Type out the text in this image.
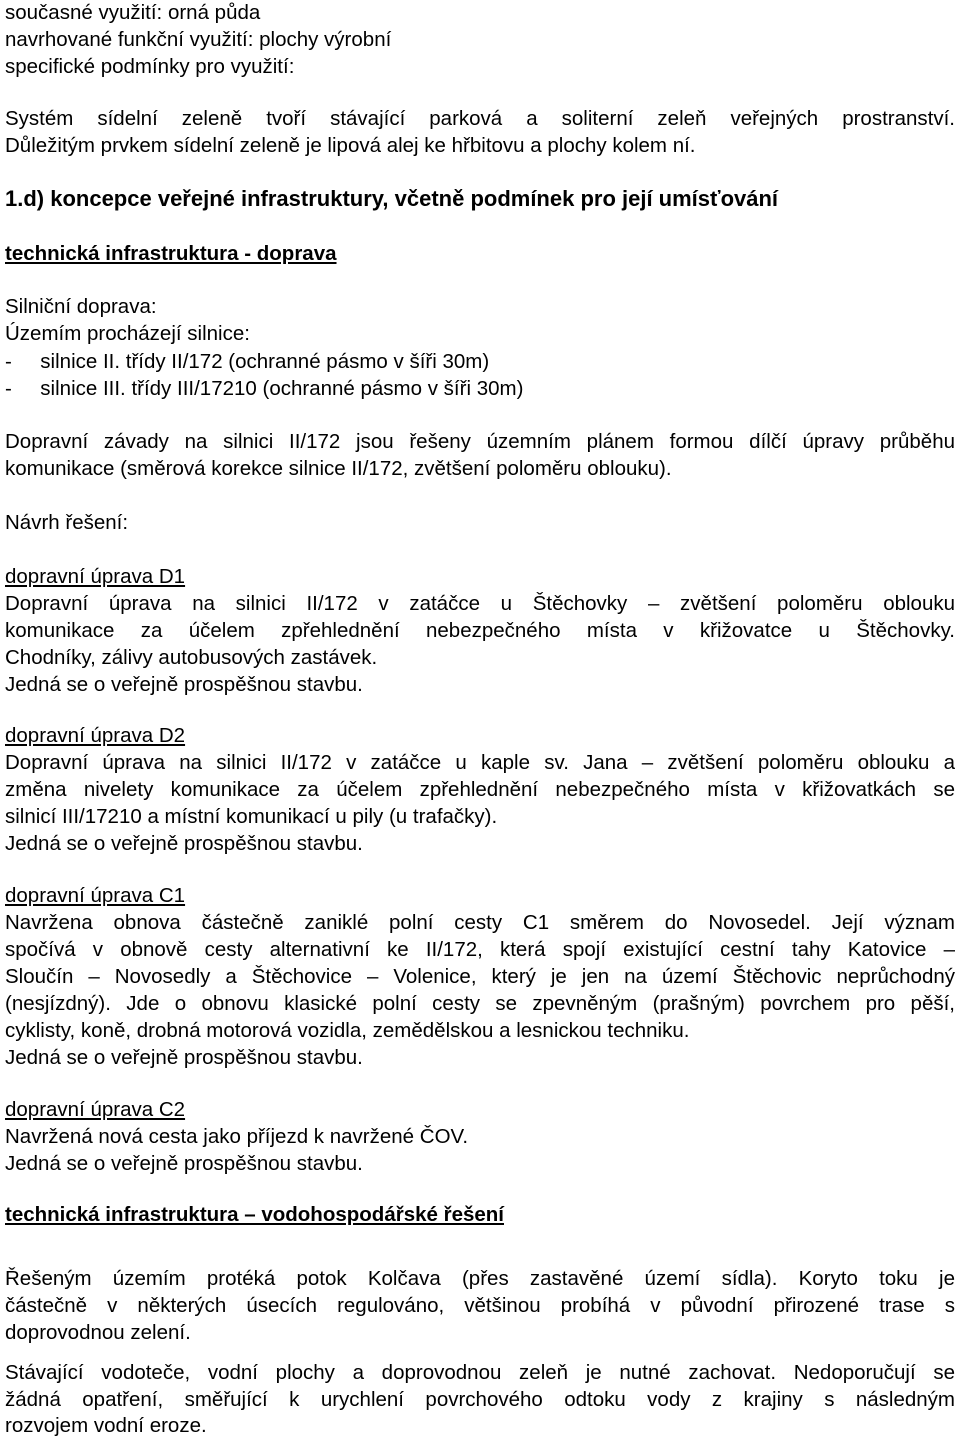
současné využití: orná půda
navrhované funkční využití: plochy výrobní
specifické podmínky pro využití:
Systém sídelní zeleně tvoří stávající parková a soliterní zeleň veřejných prostranství.
Důležitým prvkem sídelní zeleně je lipová alej ke hřbitovu a plochy kolem ní.
1.d) koncepce veřejné infrastruktury, včetně podmínek pro její umísťování
technická infrastruktura - doprava
Silniční doprava:
Územím procházejí silnice:
-     silnice II. třídy II/172 (ochranné pásmo v šíři 30m)
-     silnice III. třídy III/17210 (ochranné pásmo v šíři 30m)
Dopravní závady na silnici II/172 jsou řešeny územním plánem formou dílčí úpravy průběhu
komunikace (směrová korekce silnice II/172, zvětšení poloměru oblouku).
Návrh řešení:
dopravní úprava D1
Dopravní úprava na silnici II/172 v zatáčce u Štěchovky – zvětšení poloměru oblouku
komunikace za účelem zpřehlednění nebezpečného místa v křižovatce u Štěchovky.
Chodníky, zálivy autobusových zastávek.
Jedná se o veřejně prospěšnou stavbu.
dopravní úprava D2
Dopravní úprava na silnici II/172 v zatáčce u kaple sv. Jana – zvětšení poloměru oblouku a
změna nivelety komunikace za účelem zpřehlednění nebezpečného místa v křižovatkách se
silnicí III/17210 a místní komunikací u pily (u trafačky).
Jedná se o veřejně prospěšnou stavbu.
dopravní úprava C1
Navržena obnova částečně zaniklé polní cesty C1 směrem do Novosedel. Její význam
spočívá v obnově cesty alternativní ke II/172, která spojí existující cestní tahy Katovice –
Sloučín – Novosedly a Štěchovice – Volenice, který je jen na území Štěchovic neprůchodný
(nesjízdný). Jde o obnovu klasické polní cesty se zpevněným (prašným) povrchem pro pěší,
cyklisty, koně, drobná motorová vozidla, zemědělskou a lesnickou techniku.
Jedná se o veřejně prospěšnou stavbu.
dopravní úprava C2
Navržená nová cesta jako příjezd k navržené ČOV.
Jedná se o veřejně prospěšnou stavbu.
technická infrastruktura – vodohospodářské řešení
Řešeným územím protéká potok Kolčava (přes zastavěné území sídla). Koryto toku je
částečně v některých úsecích regulováno, většinou probíhá v původní přirozené trase s
doprovodnou zelení.
Stávající vodoteče, vodní plochy a doprovodnou zeleň je nutné zachovat. Nedoporučují se
žádná opatření, směřující k urychlení povrchového odtoku vody z krajiny s následným
rozvojem vodní eroze.
